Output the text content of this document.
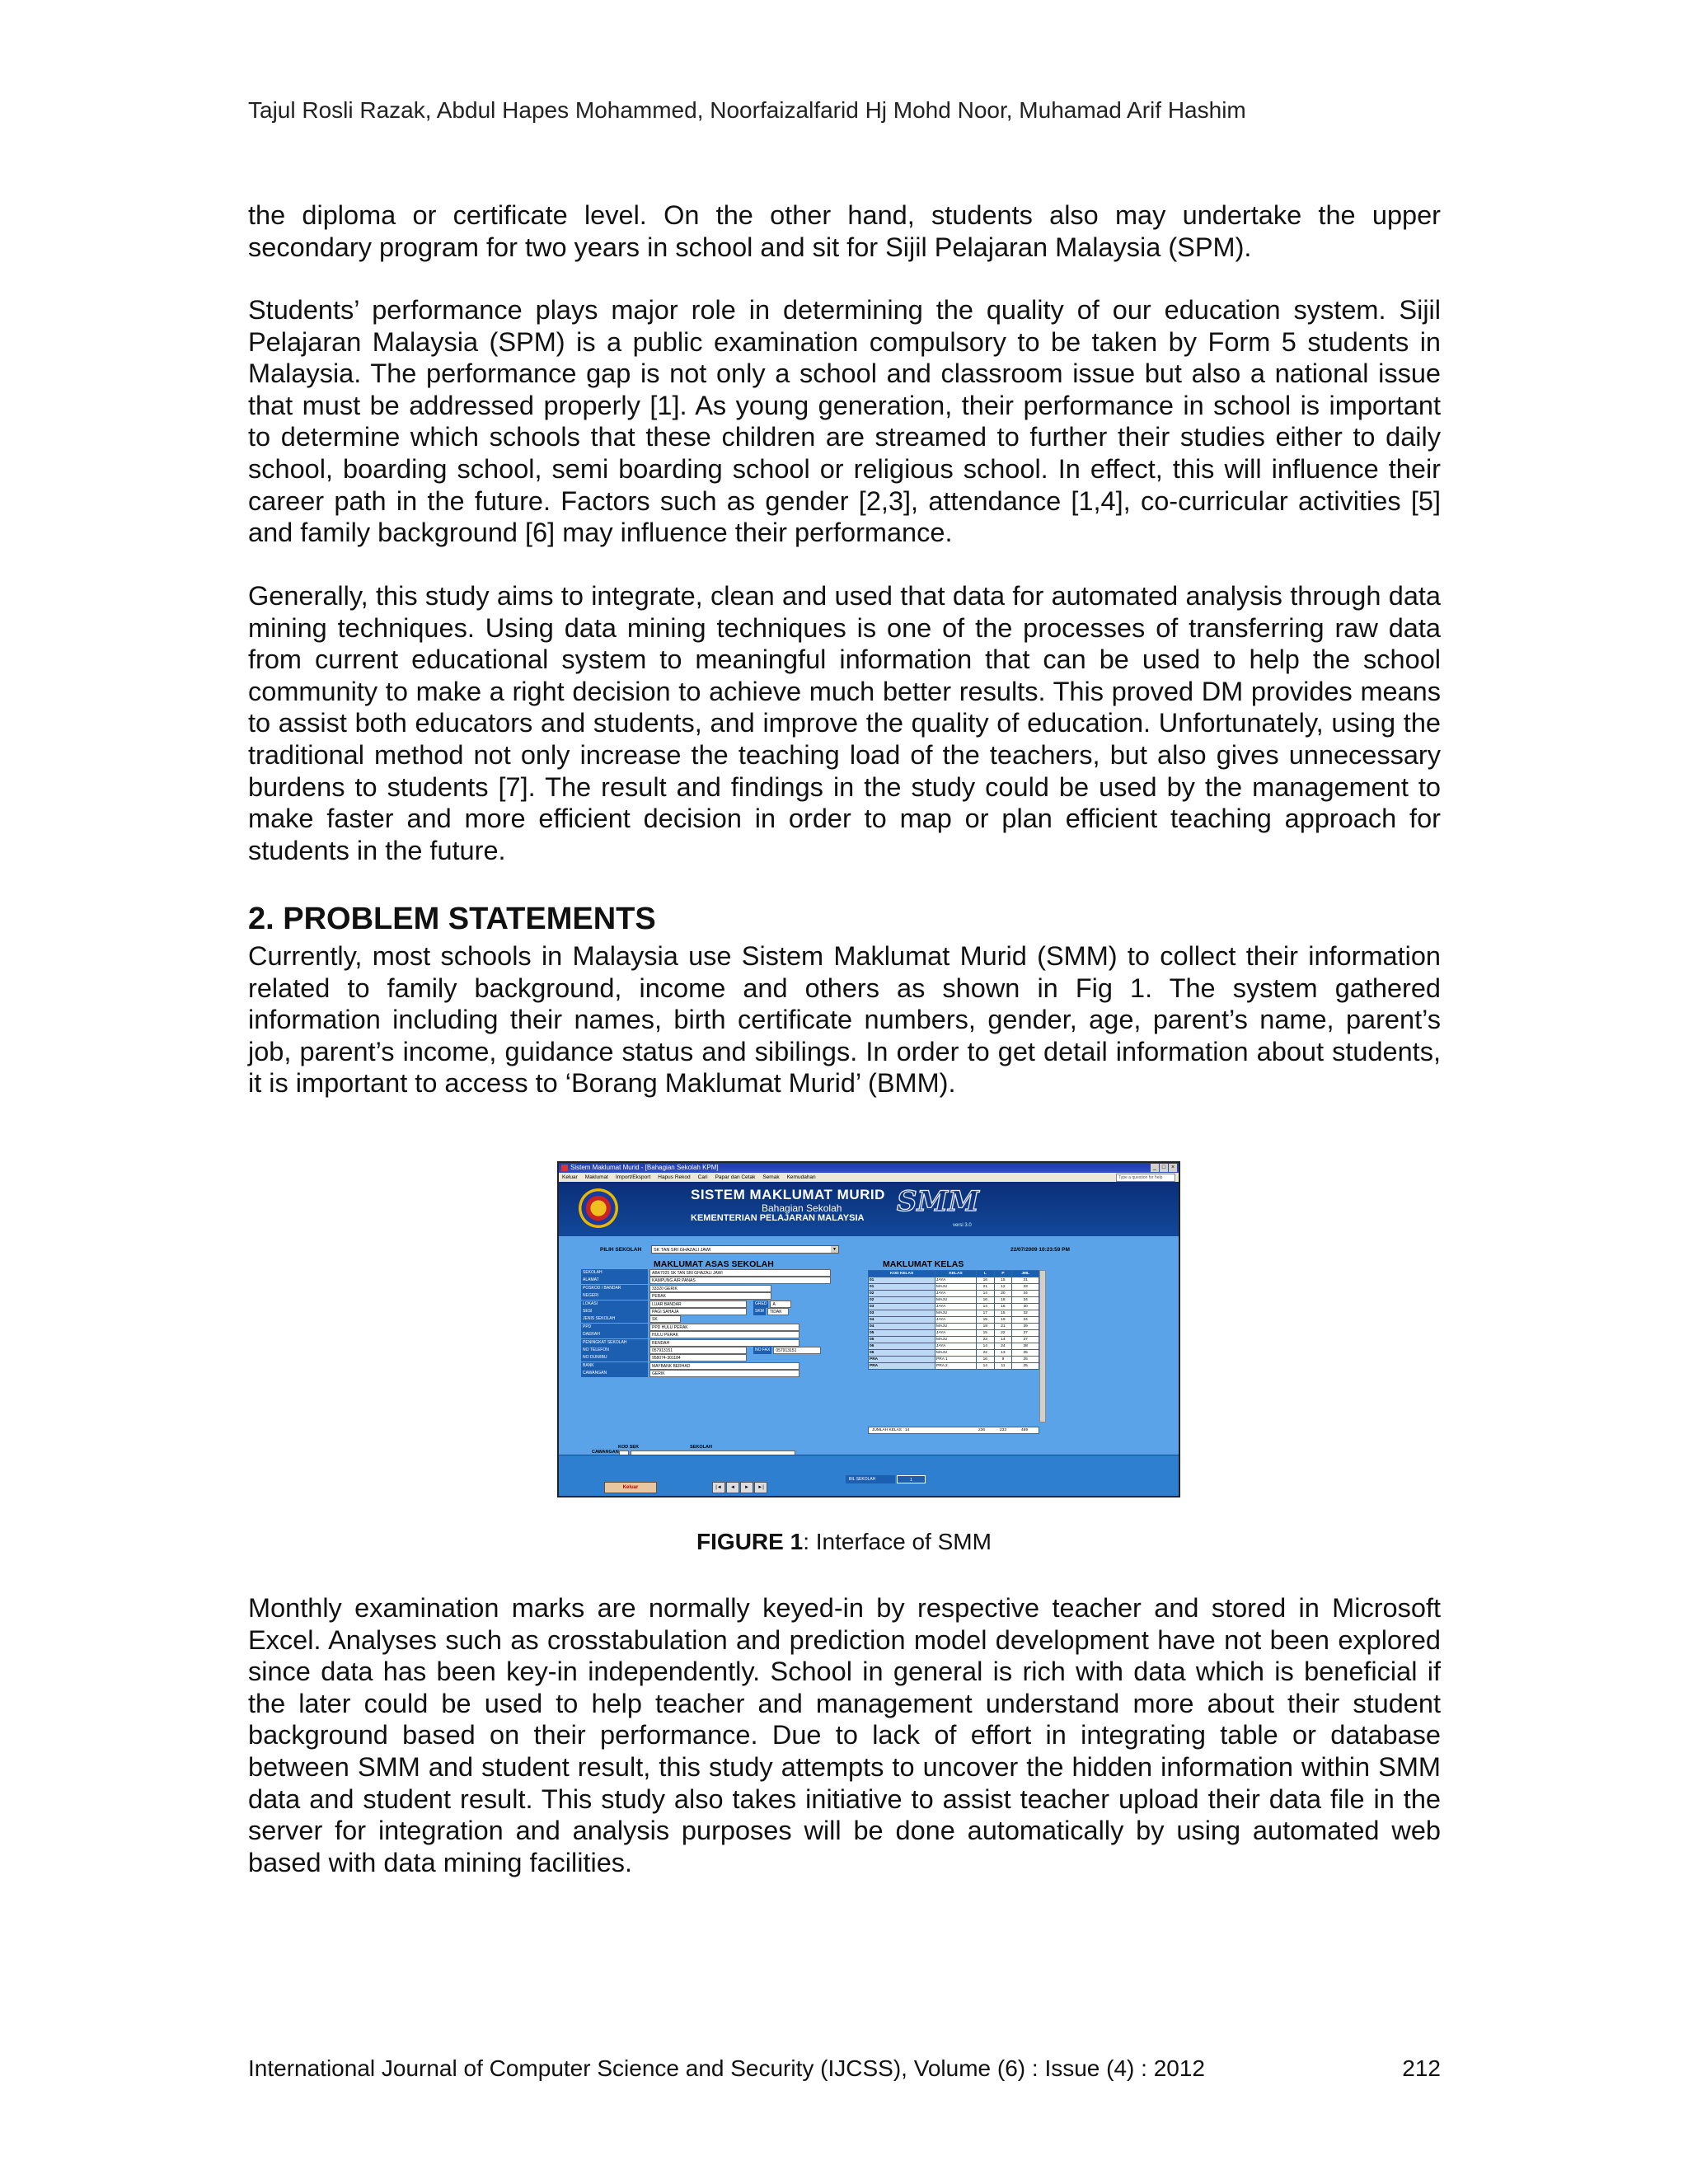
Tajul Rosli Razak, Abdul Hapes Mohammed, Noorfaizalfarid Hj Mohd Noor, Muhamad Arif Hashim

the diploma or certificate level. On the other hand, students also may undertake the upper secondary program for two years in school and sit for Sijil Pelajaran Malaysia (SPM).

Students’ performance plays major role in determining the quality of our education system. Sijil Pelajaran Malaysia (SPM) is a public examination compulsory to be taken by Form 5 students in Malaysia. The performance gap is not only a school and classroom issue but also a national issue that must be addressed properly [1]. As young generation, their performance in school is important to determine which schools that these children are streamed to further their studies either to daily school, boarding school, semi boarding school or religious school. In effect, this will influence their career path in the future. Factors such as gender [2,3], attendance [1,4], co-curricular activities [5] and family background [6] may influence their performance.

Generally, this study aims to integrate, clean and used that data for automated analysis through data mining techniques. Using data mining techniques is one of the processes of transferring raw data from current educational system to meaningful information that can be used to help the school community to make a right decision to achieve much better results. This proved DM provides means to assist both educators and students, and improve the quality of education. Unfortunately, using the traditional method not only increase the teaching load of the teachers, but also gives unnecessary burdens to students [7]. The result and findings in the study could be used by the management to make faster and more efficient decision in order to map or plan efficient teaching approach for students in the future.

2. PROBLEM STATEMENTS

Currently, most schools in Malaysia use Sistem Maklumat Murid (SMM) to collect their information related to family background, income and others as shown in Fig 1. The system gathered information including their names, birth certificate numbers, gender, age, parent’s name, parent’s job, parent’s income, guidance status and sibilings. In order to get detail information about students, it is important to access to ‘Borang Maklumat Murid’ (BMM).

Sistem Maklumat Murid - [Bahagian Sekolah KPM]	_ □ ×
Keluar Maklumat Import/Eksport Hapus Rekod Cari Papar dan Cetak Semak Kemudahan	Type a question for help
SISTEM MAKLUMAT MURID
Bahagian Sekolah
KEMENTERIAN PELAJARAN MALAYSIA SMM
versi 3.0
PILIH SEKOLAH	SK TAN SRI GHAZALI JAWI	▼	22/07/2009 10:23:59 PM
MAKLUMAT ASAS SEKOLAH	MAKLUMAT KELAS
SEKOLAH	ABA7025 SK TAN SRI GHAZALI JAWI
ALAMAT	KAMPUNG AIR PANAS
POSKOD / BANDAR	33320 GERIK
NEGERI	PERAK
LOKASI	LUAR BANDAR	GRED	A
SESI	PAGI SAHAJA	SKM	TIDAK
JENIS SEKOLAH	SK
PPD	PPD HULU PERAK
DAERAH	HULU PERAK
PENINGKAT SEKOLAH	RENDAH
NO TELEFON	057913151	NO FAX	057913151
NO DUN/IBU	958074-301184
BANK	MAYBANK BERHAD
CAWANGAN	GERIK
KOD SEK	SEKOLAH
CAWANGAN
KOD KELAS	KELAS	L	P	JML
01	JAYA	16	15	31
01	MAJU	21	12	33
02	JAYA	14	20	34
02	MAJU	16	18	34
03	JAYA	14	16	30
03	MAJU	17	15	32
04	JAYA	15	19	34
04	MAJU	18	21	39
05	JAYA	15	22	37
05	MAJU	23	14	37
06	JAYA	14	24	38
06	MAJU	22	13	35
PRA	PRA 1	16	9	25
PRA	PRA 2	14	11	25
JUMLAH KELAS : 14	236	233	469
Keluar	|◄	◄	►	►|
BIL SEKOLAH	1
FIGURE 1: Interface of SMM

Monthly examination marks are normally keyed-in by respective teacher and stored in Microsoft Excel. Analyses such as crosstabulation and prediction model development have not been explored since data has been key-in independently. School in general is rich with data which is beneficial if the later could be used to help teacher and management understand more about their student background based on their performance. Due to lack of effort in integrating table or database between SMM and student result, this study attempts to uncover the hidden information within SMM data and student result. This study also takes initiative to assist teacher upload their data file in the server for integration and analysis purposes will be done automatically by using automated web based with data mining facilities.

International Journal of Computer Science and Security (IJCSS), Volume (6) : Issue (4) : 2012	212
